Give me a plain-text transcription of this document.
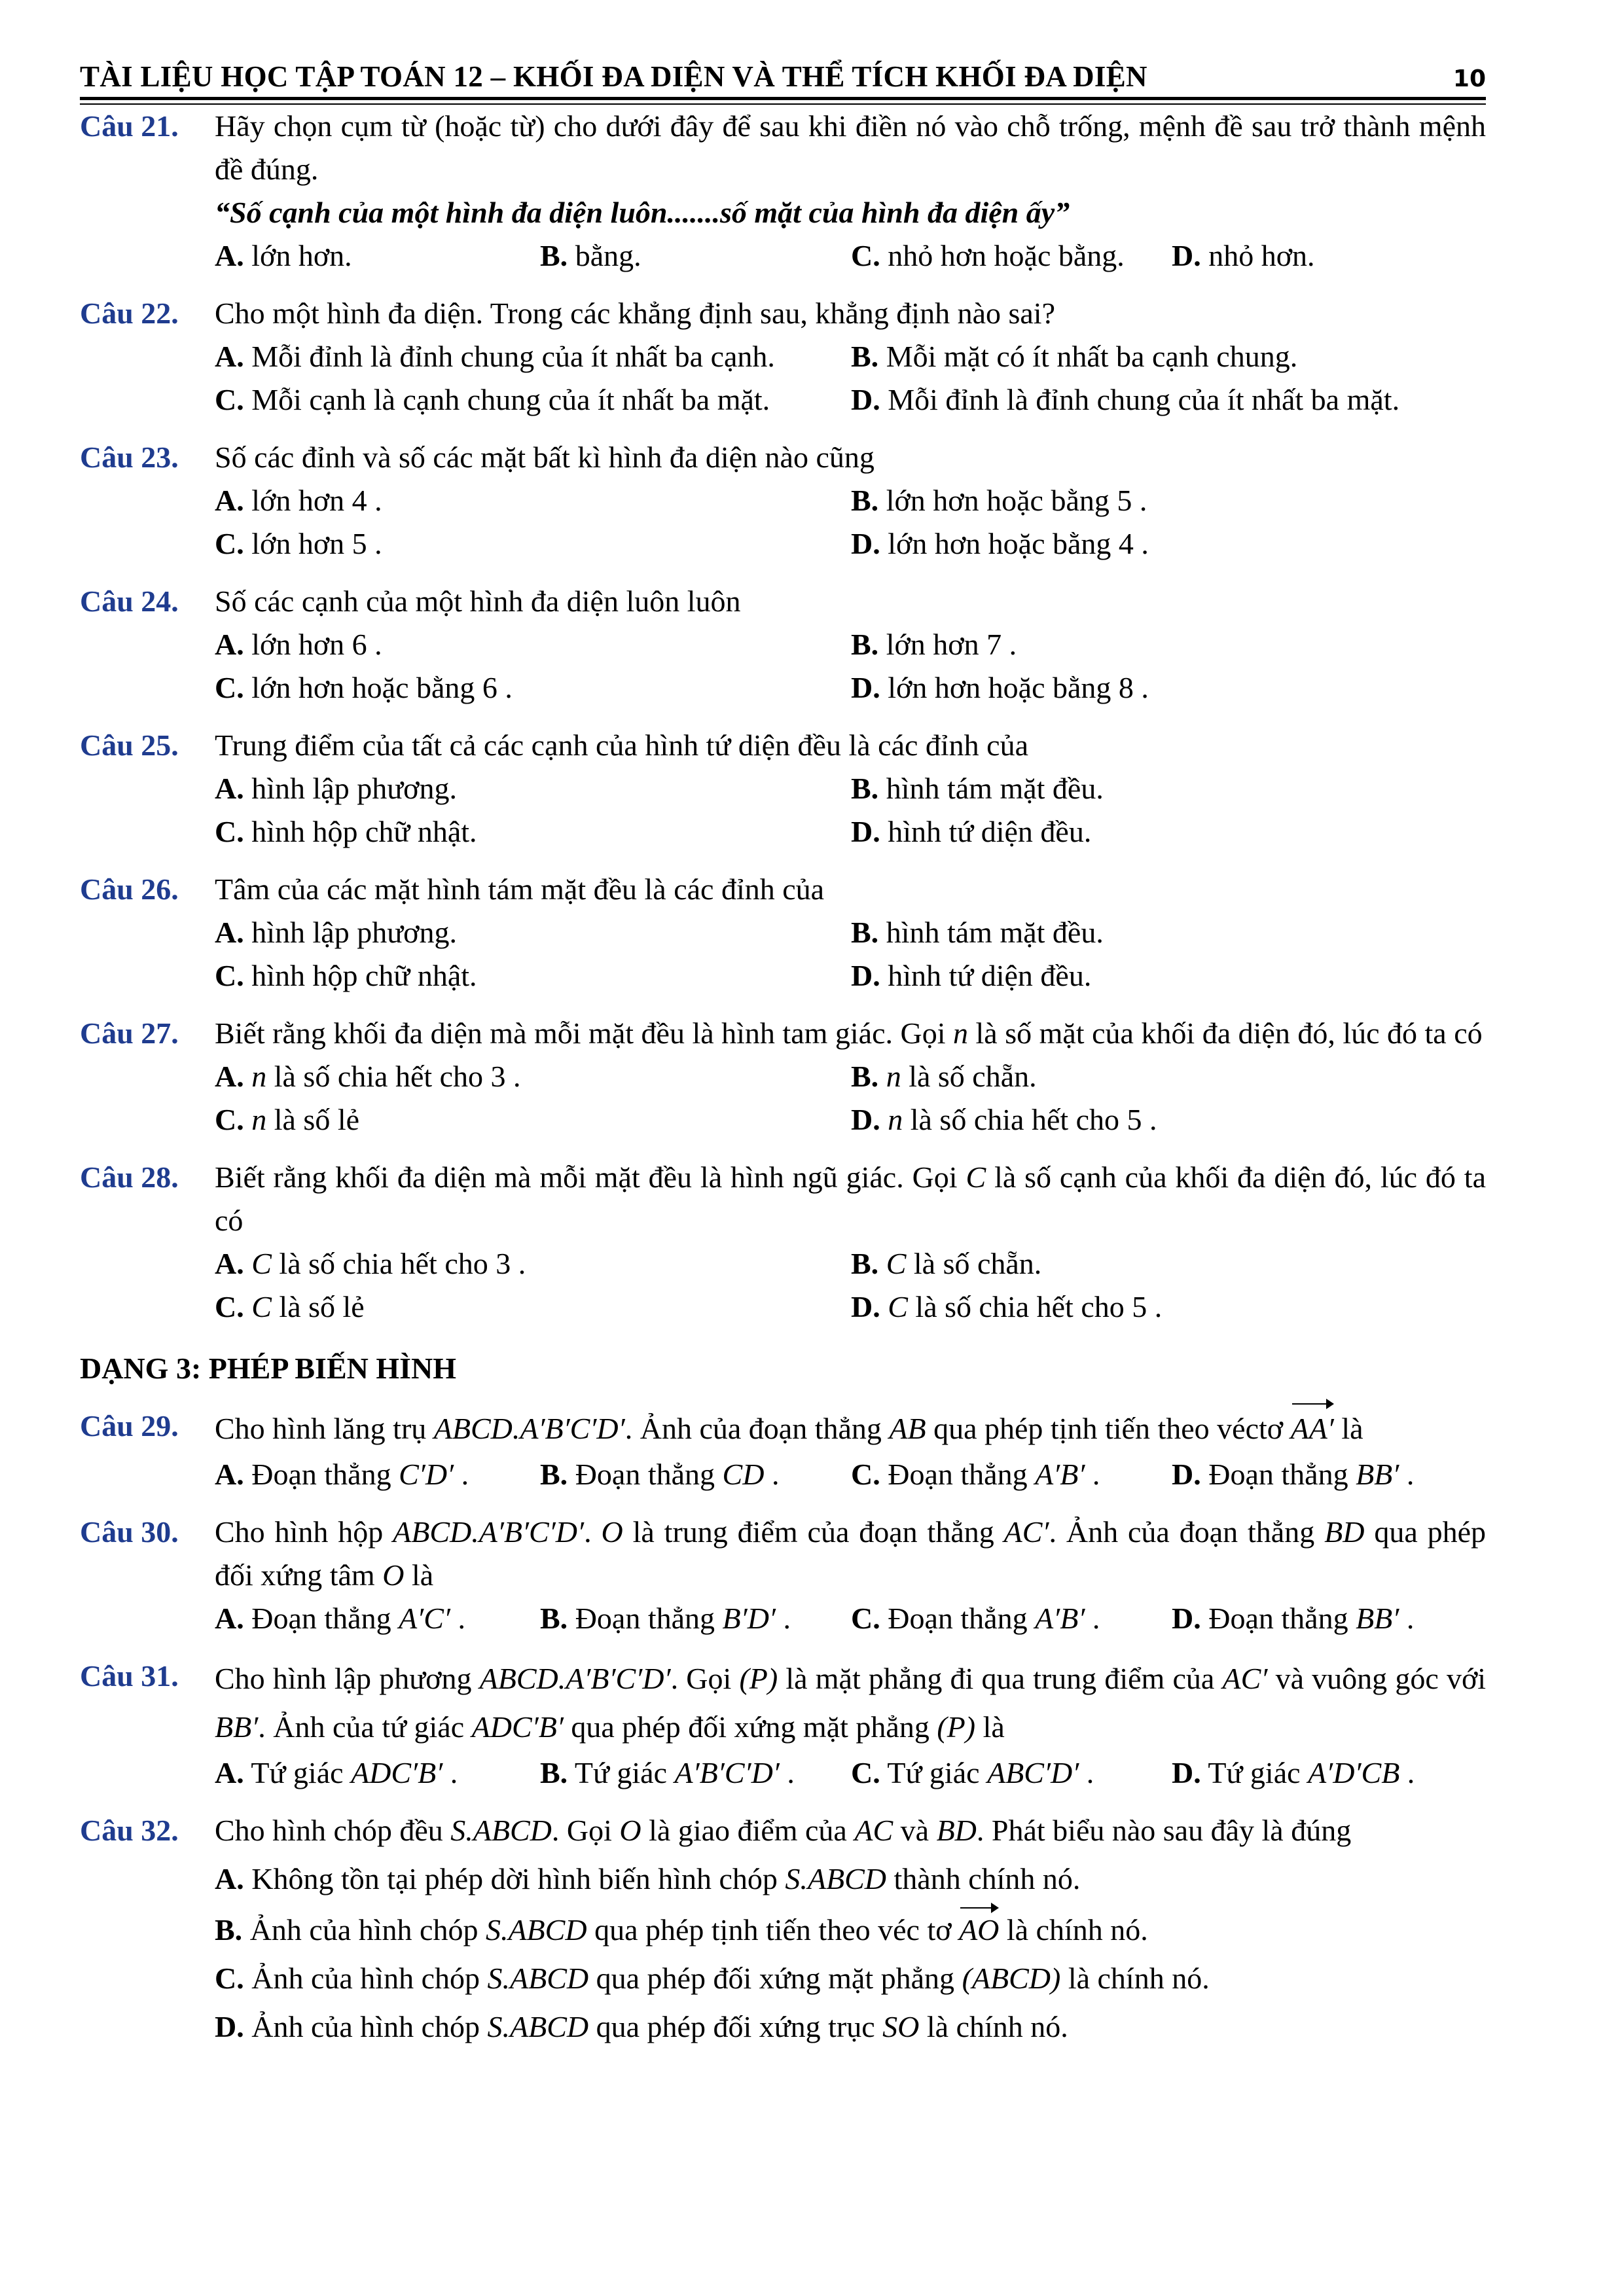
TÀI LIỆU HỌC TẬP TOÁN 12 – KHỐI ĐA DIỆN VÀ THỂ TÍCH KHỐI ĐA DIỆN	10
Câu 21. Hãy chọn cụm từ (hoặc từ) cho dưới đây để sau khi điền nó vào chỗ trống, mệnh đề sau trở thành mệnh đề đúng.
“Số cạnh của một hình đa diện luôn.......số mặt của hình đa diện ấy”
A. lớn hơn.	B. bằng.	C. nhỏ hơn hoặc bằng. D. nhỏ hơn.
Câu 22. Cho một hình đa diện. Trong các khẳng định sau, khẳng định nào sai?
A. Mỗi đỉnh là đỉnh chung của ít nhất ba cạnh.	B. Mỗi mặt có ít nhất ba cạnh chung.
C. Mỗi cạnh là cạnh chung của ít nhất ba mặt.	D. Mỗi đỉnh là đỉnh chung của ít nhất ba mặt.
Câu 23. Số các đỉnh và số các mặt bất kì hình đa diện nào cũng
A. lớn hơn 4 .	B. lớn hơn hoặc bằng 5 .
C. lớn hơn 5 .	D. lớn hơn hoặc bằng 4 .
Câu 24. Số các cạnh của một hình đa diện luôn luôn
A. lớn hơn 6 .	B. lớn hơn 7 .
C. lớn hơn hoặc bằng 6 .	D. lớn hơn hoặc bằng 8 .
Câu 25. Trung điểm của tất cả các cạnh của hình tứ diện đều là các đỉnh của
A. hình lập phương.	B. hình tám mặt đều.
C. hình hộp chữ nhật.	D. hình tứ diện đều.
Câu 26. Tâm của các mặt hình tám mặt đều là các đỉnh của
A. hình lập phương.	B. hình tám mặt đều.
C. hình hộp chữ nhật.	D. hình tứ diện đều.
Câu 27. Biết rằng khối đa diện mà mỗi mặt đều là hình tam giác. Gọi n là số mặt của khối đa diện đó, lúc đó ta có
A. n là số chia hết cho 3 .	B. n là số chẵn.
C. n là số lẻ	D. n là số chia hết cho 5 .
Câu 28. Biết rằng khối đa diện mà mỗi mặt đều là hình ngũ giác. Gọi C là số cạnh của khối đa diện đó, lúc đó ta có
A. C là số chia hết cho 3 .	B. C là số chẵn.
C. C là số lẻ	D. C là số chia hết cho 5 .
DẠNG 3: PHÉP BIẾN HÌNH
Câu 29. Cho hình lăng trụ ABCD.A′B′C′D′. Ảnh của đoạn thẳng AB qua phép tịnh tiến theo véctơ AA′ là
A. Đoạn thẳng C′D′ . B. Đoạn thẳng CD . C. Đoạn thẳng A′B′ . D. Đoạn thẳng BB′ .
Câu 30. Cho hình hộp ABCD.A′B′C′D′. O là trung điểm của đoạn thẳng AC′. Ảnh của đoạn thẳng BD qua phép đối xứng tâm O là
A. Đoạn thẳng A′C′ . B. Đoạn thẳng B′D′ . C. Đoạn thẳng A′B′ . D. Đoạn thẳng BB′ .
Câu 31. Cho hình lập phương ABCD.A′B′C′D′. Gọi (P) là mặt phẳng đi qua trung điểm của AC′ và vuông góc với BB′. Ảnh của tứ giác ADC′B′ qua phép đối xứng mặt phẳng (P) là
A. Tứ giác ADC′B′ .	B. Tứ giác A′B′C′D′ . C. Tứ giác ABC′D′ .	D. Tứ giác A′D′CB .
Câu 32. Cho hình chóp đều S.ABCD. Gọi O là giao điểm của AC và BD. Phát biểu nào sau đây là đúng
A. Không tồn tại phép dời hình biến hình chóp S.ABCD thành chính nó.
B. Ảnh của hình chóp S.ABCD qua phép tịnh tiến theo véc tơ AO là chính nó.
C. Ảnh của hình chóp S.ABCD qua phép đối xứng mặt phẳng (ABCD) là chính nó.
D. Ảnh của hình chóp S.ABCD qua phép đối xứng trục SO là chính nó.
